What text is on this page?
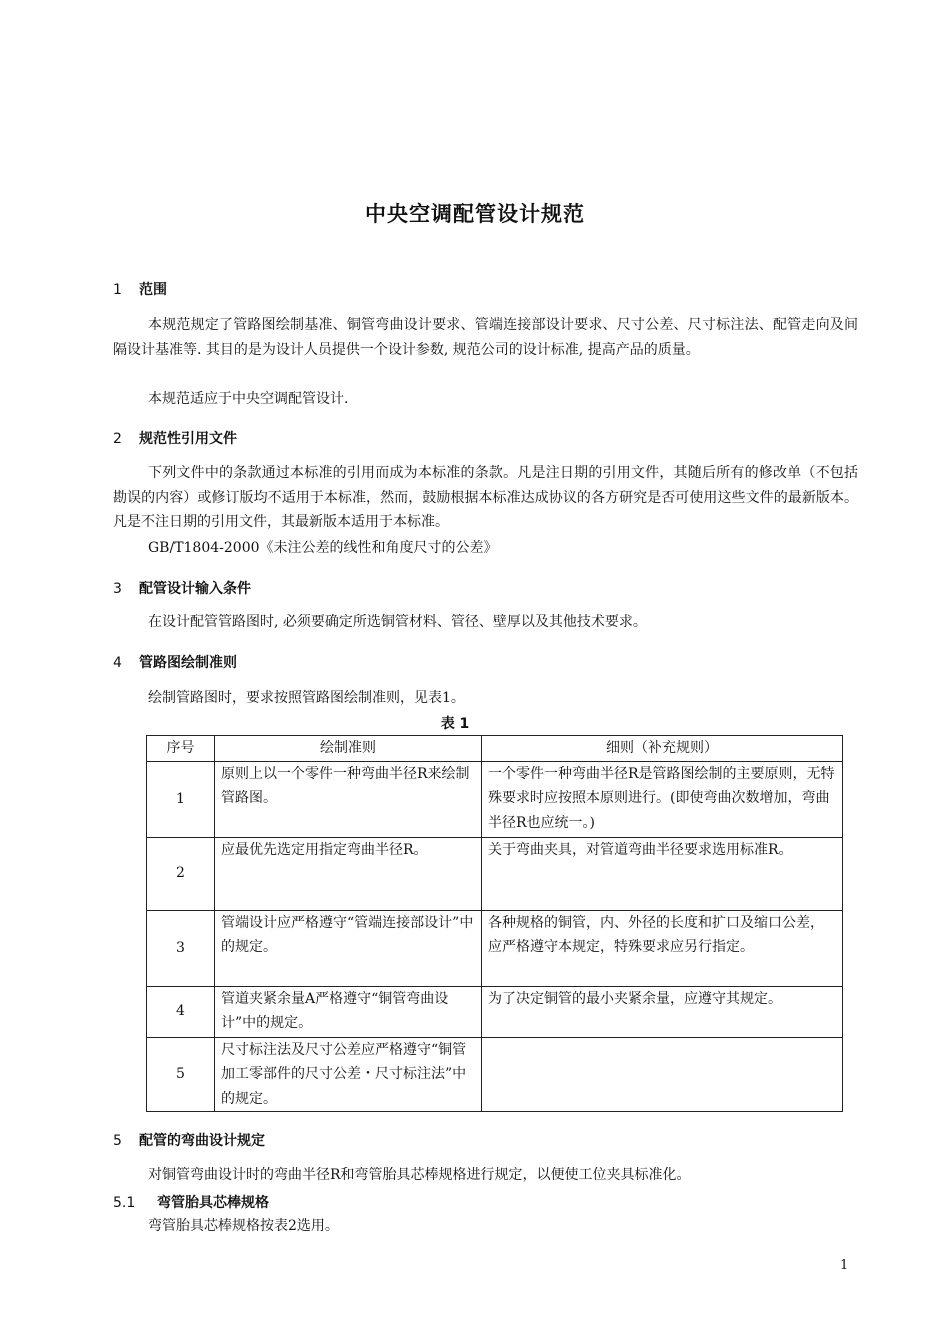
中央空调配管设计规范
1 范围
本规范规定了管路图绘制基准、铜管弯曲设计要求、管端连接部设计要求、尺寸公差、尺寸标注法、配管走向及间隔设计基准等. 其目的是为设计人员提供一个设计参数, 规范公司的设计标准, 提高产品的质量。
本规范适应于中央空调配管设计.
2 规范性引用文件
下列文件中的条款通过本标准的引用而成为本标准的条款。凡是注日期的引用文件，其随后所有的修改单（不包括勘误的内容）或修订版均不适用于本标准，然而，鼓励根据本标准达成协议的各方研究是否可使用这些文件的最新版本。凡是不注日期的引用文件，其最新版本适用于本标准。
GB/T1804-2000《未注公差的线性和角度尺寸的公差》
3 配管设计输入条件
在设计配管管路图时, 必须要确定所选铜管材料、管径、壁厚以及其他技术要求。
4 管路图绘制准则
绘制管路图时，要求按照管路图绘制准则，见表1。
表 1
序号	绘制准则	细则（补充规则）
1	原则上以一个零件一种弯曲半径R来绘制管路图。	一个零件一种弯曲半径R是管路图绘制的主要原则，无特殊要求时应按照本原则进行。(即使弯曲次数增加，弯曲半径R也应统一。)
2	应最优先选定用指定弯曲半径R。	关于弯曲夹具，对管道弯曲半径要求选用标准R。
3	管端设计应严格遵守“管端连接部设计”中的规定。	各种规格的铜管，内、外径的长度和扩口及缩口公差，应严格遵守本规定，特殊要求应另行指定。
4	管道夹紧余量A严格遵守“铜管弯曲设计”中的规定。	为了决定铜管的最小夹紧余量，应遵守其规定。
5	尺寸标注法及尺寸公差应严格遵守“铜管加工零部件的尺寸公差・尺寸标注法”中的规定。	
5 配管的弯曲设计规定
对铜管弯曲设计时的弯曲半径R和弯管胎具芯棒规格进行规定，以便使工位夹具标准化。
5.1 弯管胎具芯棒规格
弯管胎具芯棒规格按表2选用。
1
